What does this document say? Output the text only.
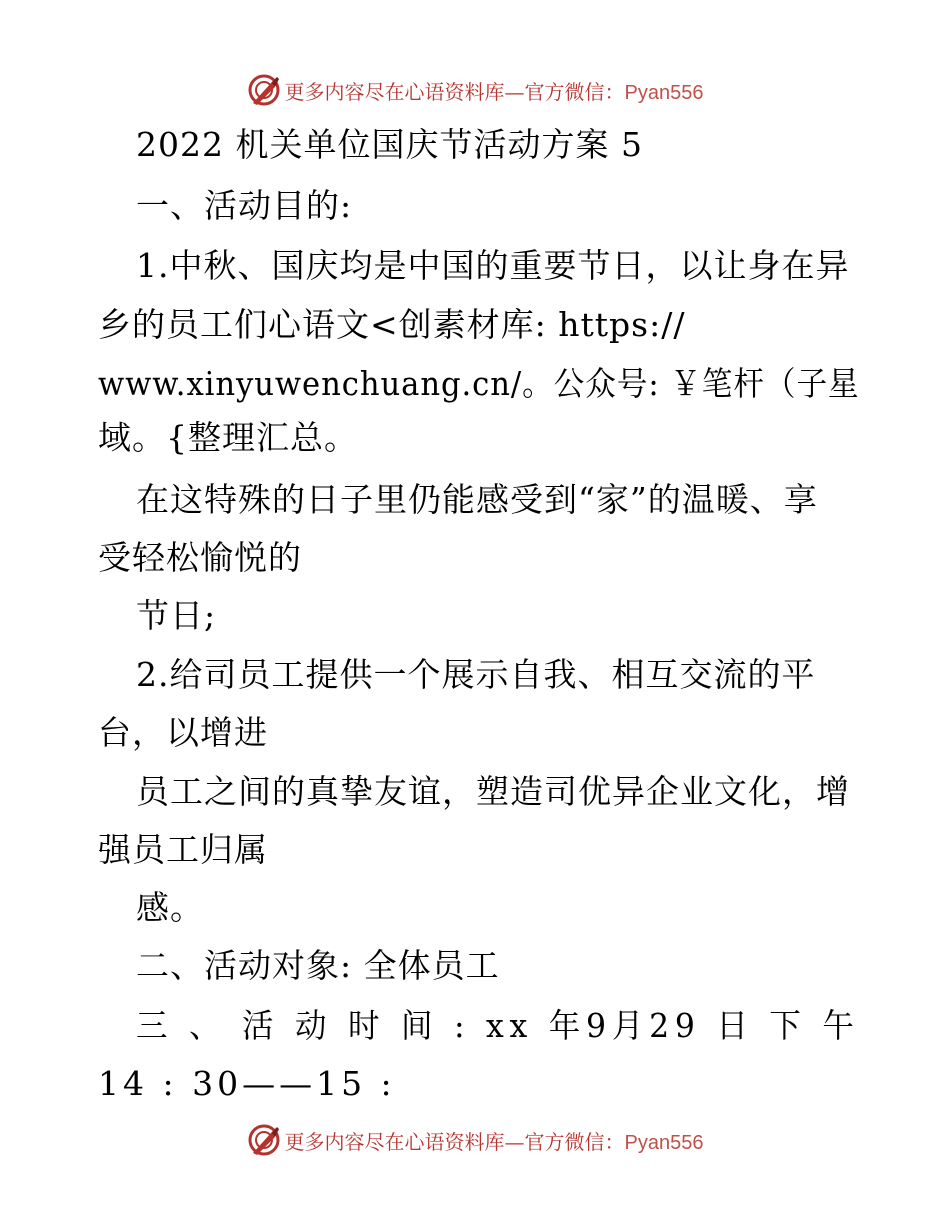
更多内容尽在心语资料库—官方微信：Pyan556
2022 机关单位国庆节活动方案 5
一、活动目的:
1.中秋、国庆均是中国的重要节日，以让身在异
乡的员工们心语文<创素材库: https://
www.xinyuwenchuang.cn/。公众号: ￥笔杆（子星
域。{整理汇总。
在这特殊的日子里仍能感受到“家”的温暖、享
受轻松愉悦的
节日;
2.给司员工提供一个展示自我、相互交流的平
台，以增进
员工之间的真挚友谊，塑造司优异企业文化，增
强员工归属
感。
二、活动对象: 全体员工
三 、 活 动 时 间 : xx 年9月29 日 下 午
14 : 30——15 :
更多内容尽在心语资料库—官方微信：Pyan556
